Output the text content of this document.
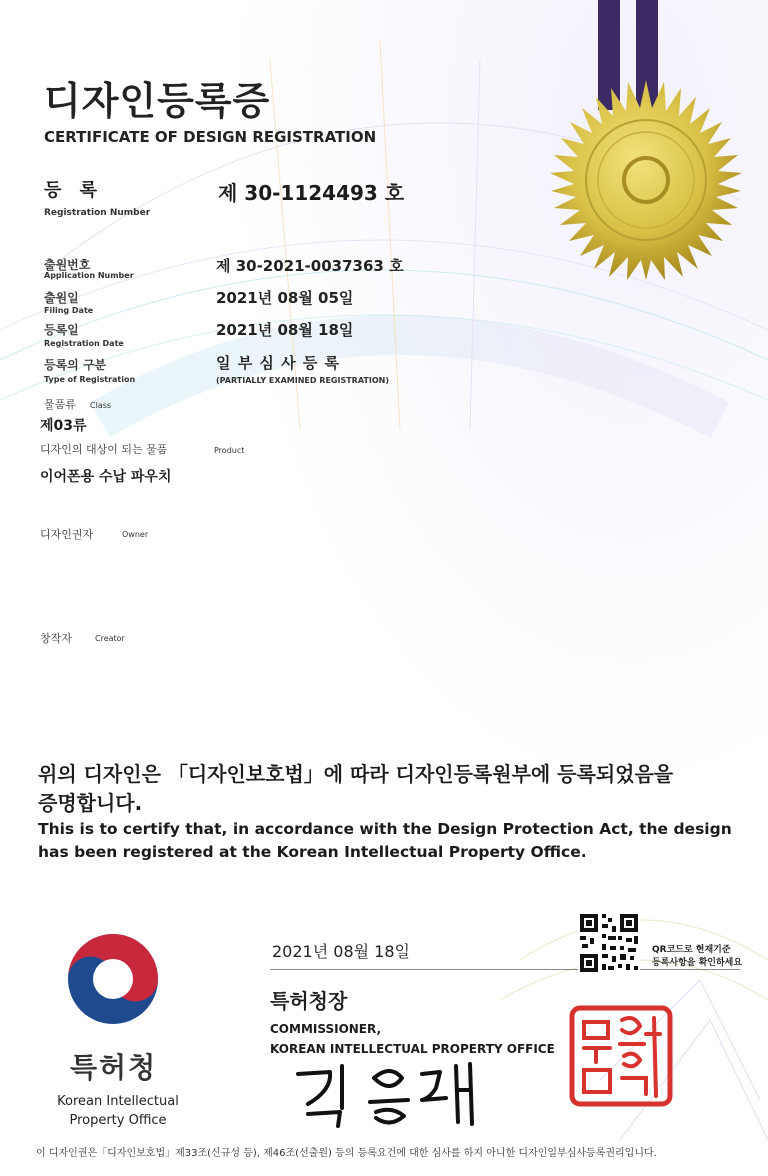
디자인등록증
CERTIFICATE OF DESIGN REGISTRATION
등 록
Registration Number
제 30-1124493 호
출원번호
Application Number
제 30-2021-0037363 호
출원일
Filing Date
2021년 08월 05일
등록일
Registration Date
2021년 08월 18일
등록의 구분
Type of Registration
일 부 심 사 등 록
(PARTIALLY EXAMINED REGISTRATION)
물품류 Class
제03류
디자인의 대상이 되는 물품	Product
이어폰용 수납 파우치
디자인권자	Owner
창작자	Creator
위의 디자인은 「디자인보호법」에 따라 디자인등록원부에 등록되었음을
증명합니다.
This is to certify that, in accordance with the Design Protection Act, the design
has been registered at the Korean Intellectual Property Office.
특허청
Korean Intellectual
Property Office
2021년 08월 18일
특허청장
COMMISSIONER,
KOREAN INTELLECTUAL PROPERTY OFFICE
QR코드로 현재기준
등록사항을 확인하세요
이 디자인권은「디자인보호법」제33조(신규성 등), 제46조(선출원) 등의 등록요건에 대한 심사를 하지 아니한 디자인일부심사등록권리입니다.
